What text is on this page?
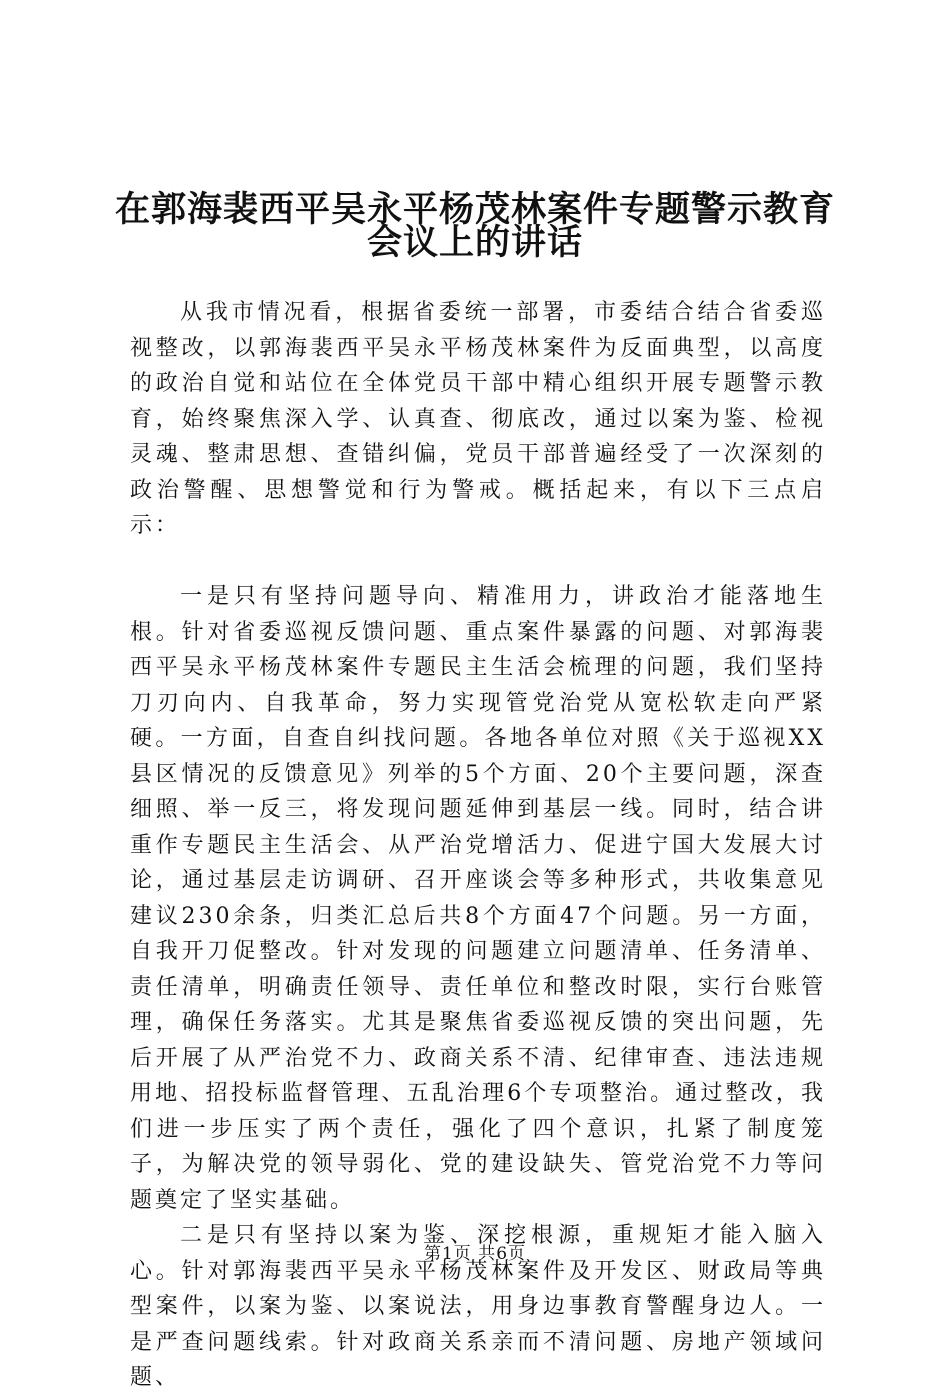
在郭海裴西平吴永平杨茂林案件专题警示教育
会议上的讲话

从我市情况看，根据省委统一部署，市委结合结合省委巡视整改，以郭海裴西平吴永平杨茂林案件为反面典型，以高度的政治自觉和站位在全体党员干部中精心组织开展专题警示教育，始终聚焦深入学、认真查、彻底改，通过以案为鉴、检视灵魂、整肃思想、查错纠偏，党员干部普遍经受了一次深刻的政治警醒、思想警觉和行为警戒。概括起来，有以下三点启示：

一是只有坚持问题导向、精准用力，讲政治才能落地生根。针对省委巡视反馈问题、重点案件暴露的问题、对郭海裴西平吴永平杨茂林案件专题民主生活会梳理的问题，我们坚持刀刃向内、自我革命，努力实现管党治党从宽松软走向严紧硬。一方面，自查自纠找问题。各地各单位对照《关于巡视XX县区情况的反馈意见》列举的5个方面、20个主要问题，深查细照、举一反三，将发现问题延伸到基层一线。同时，结合讲重作专题民主生活会、从严治党增活力、促进宁国大发展大讨论，通过基层走访调研、召开座谈会等多种形式，共收集意见建议230余条，归类汇总后共8个方面47个问题。另一方面，自我开刀促整改。针对发现的问题建立问题清单、任务清单、责任清单，明确责任领导、责任单位和整改时限，实行台账管理，确保任务落实。尤其是聚焦省委巡视反馈的突出问题，先后开展了从严治党不力、政商关系不清、纪律审查、违法违规用地、招投标监督管理、五乱治理6个专项整治。通过整改，我们进一步压实了两个责任，强化了四个意识，扎紧了制度笼子，为解决党的领导弱化、党的建设缺失、管党治党不力等问题奠定了坚实基础。

二是只有坚持以案为鉴、深挖根源，重规矩才能入脑入心。针对郭海裴西平吴永平杨茂林案件及开发区、财政局等典型案件，以案为鉴、以案说法，用身边事教育警醒身边人。一是严查问题线索。针对政商关系亲而不清问题、房地产领域问题、

第1页 共6页
